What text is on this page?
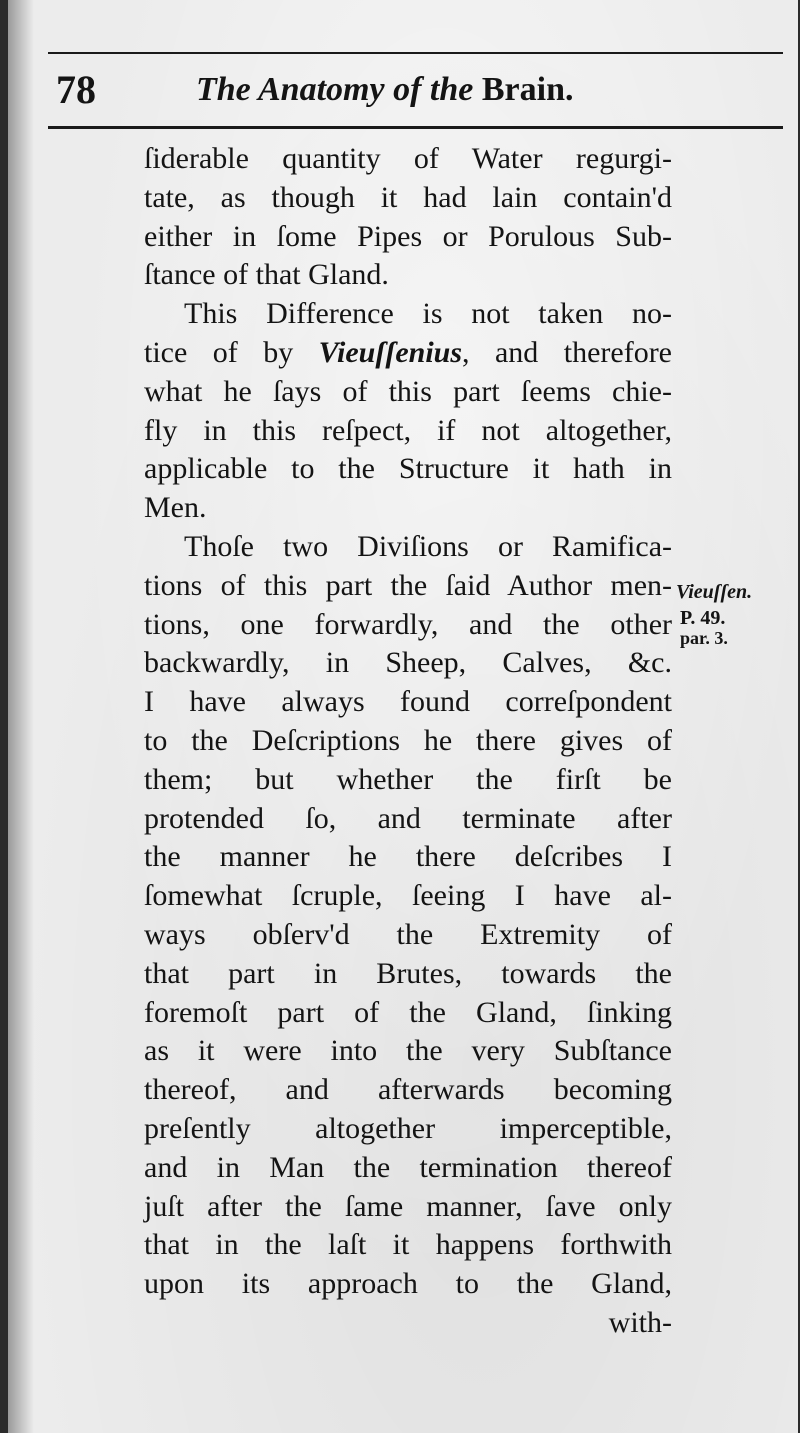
78	The Anatomy of the Brain.
ſiderable quantity of Water regurgi-
tate, as though it had lain contain'd
either in ſome Pipes or Porulous Sub-
ſtance of that Gland.
This Difference is not taken no-
tice of by Vieuſſenius, and therefore
what he ſays of this part ſeems chie-
fly in this reſpect, if not altogether,
applicable to the Structure it hath in
Men.
Thoſe two Diviſions or Ramifica-
tions of this part the ſaid Author men-
tions, one forwardly, and the other
backwardly, in Sheep, Calves, &c.
I have always found correſpondent
to the Deſcriptions he there gives of
them; but whether the firſt be
protended ſo, and terminate after
the manner he there deſcribes I
ſomewhat ſcruple, ſeeing I have al-
ways obſerv'd the Extremity of
that part in Brutes, towards the
foremoſt part of the Gland, ſinking
as it were into the very Subſtance
thereof, and afterwards becoming
preſently altogether imperceptible,
and in Man the termination thereof
juſt after the ſame manner, ſave only
that in the laſt it happens forthwith
upon its approach to the Gland,
with-
Vieuſſen.
P. 49.
par. 3.
